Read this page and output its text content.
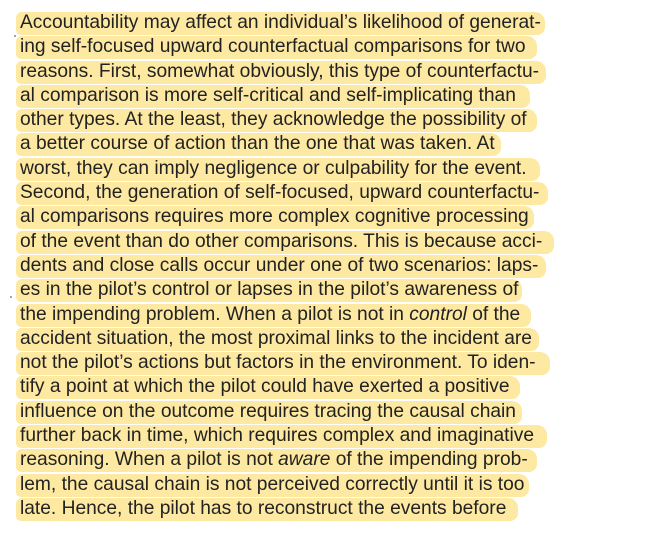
Accountability may affect an individual’s likelihood of generat-
ing self-focused upward counterfactual comparisons for two
reasons. First, somewhat obviously, this type of counterfactu-
al comparison is more self-critical and self-implicating than
other types. At the least, they acknowledge the possibility of
a better course of action than the one that was taken. At
worst, they can imply negligence or culpability for the event.
Second, the generation of self-focused, upward counterfactu-
al comparisons requires more complex cognitive processing
of the event than do other comparisons. This is because acci-
dents and close calls occur under one of two scenarios: laps-
es in the pilot’s control or lapses in the pilot’s awareness of
the impending problem. When a pilot is not in control of the
accident situation, the most proximal links to the incident are
not the pilot’s actions but factors in the environment. To iden-
tify a point at which the pilot could have exerted a positive
influence on the outcome requires tracing the causal chain
further back in time, which requires complex and imaginative
reasoning. When a pilot is not aware of the impending prob-
lem, the causal chain is not perceived correctly until it is too
late. Hence, the pilot has to reconstruct the events before
